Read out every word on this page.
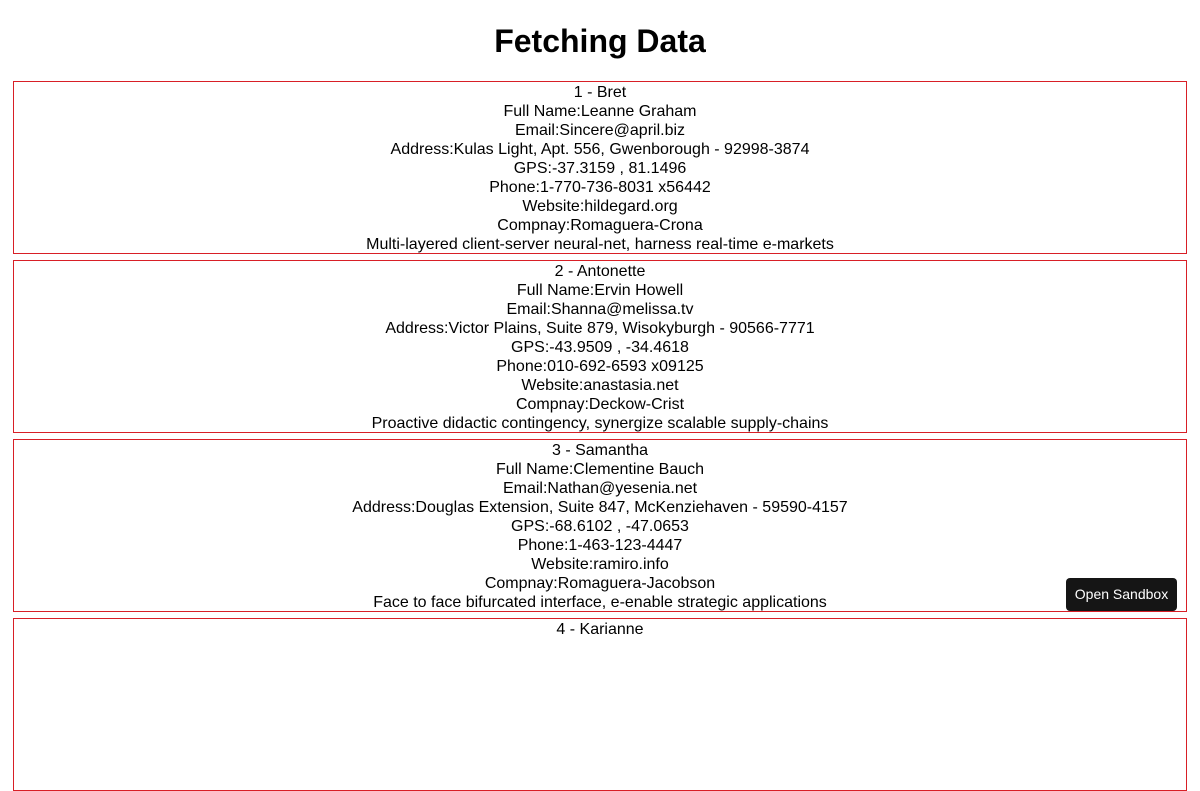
Fetching Data
1 - Bret
Full Name:Leanne Graham
Email:Sincere@april.biz
Address:Kulas Light, Apt. 556, Gwenborough - 92998-3874
GPS:-37.3159 , 81.1496
Phone:1-770-736-8031 x56442
Website:hildegard.org
Compnay:Romaguera-Crona
Multi-layered client-server neural-net, harness real-time e-markets
2 - Antonette
Full Name:Ervin Howell
Email:Shanna@melissa.tv
Address:Victor Plains, Suite 879, Wisokyburgh - 90566-7771
GPS:-43.9509 , -34.4618
Phone:010-692-6593 x09125
Website:anastasia.net
Compnay:Deckow-Crist
Proactive didactic contingency, synergize scalable supply-chains
3 - Samantha
Full Name:Clementine Bauch
Email:Nathan@yesenia.net
Address:Douglas Extension, Suite 847, McKenziehaven - 59590-4157
GPS:-68.6102 , -47.0653
Phone:1-463-123-4447
Website:ramiro.info
Compnay:Romaguera-Jacobson
Face to face bifurcated interface, e-enable strategic applications
4 - Karianne
Open Sandbox
